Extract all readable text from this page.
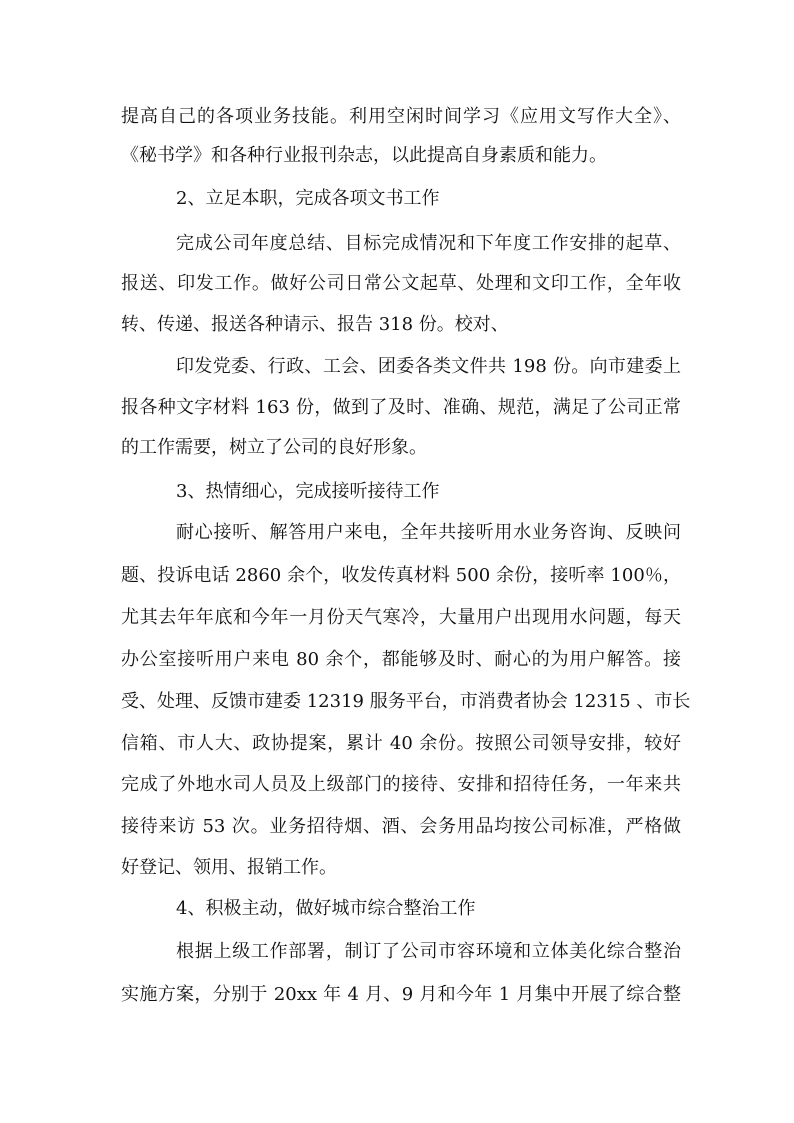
提高自己的各项业务技能。利用空闲时间学习《应用文写作大全》、

《秘书学》和各种行业报刊杂志，以此提高自身素质和能力。

2、立足本职，完成各项文书工作

完成公司年度总结、目标完成情况和下年度工作安排的起草、

报送、印发工作。做好公司日常公文起草、处理和文印工作，全年收

转、传递、报送各种请示、报告 318 份。校对、

印发党委、行政、工会、团委各类文件共 198 份。向市建委上

报各种文字材料 163 份，做到了及时、准确、规范，满足了公司正常

的工作需要，树立了公司的良好形象。

3、热情细心，完成接听接待工作

耐心接听、解答用户来电，全年共接听用水业务咨询、反映问

题、投诉电话 2860 余个，收发传真材料 500 余份，接听率 100％，

尤其去年年底和今年一月份天气寒冷，大量用户出现用水问题，每天

办公室接听用户来电 80 余个，都能够及时、耐心的为用户解答。接

受、处理、反馈市建委 12319 服务平台，市消费者协会 12315 、市长

信箱、市人大、政协提案，累计 40 余份。按照公司领导安排，较好

完成了外地水司人员及上级部门的接待、安排和招待任务，一年来共

接待来访 53 次。业务招待烟、酒、会务用品均按公司标准，严格做

好登记、领用、报销工作。

4、积极主动，做好城市综合整治工作

根据上级工作部署，制订了公司市容环境和立体美化综合整治

实施方案，分别于 20xx 年 4 月、9 月和今年 1 月集中开展了综合整
